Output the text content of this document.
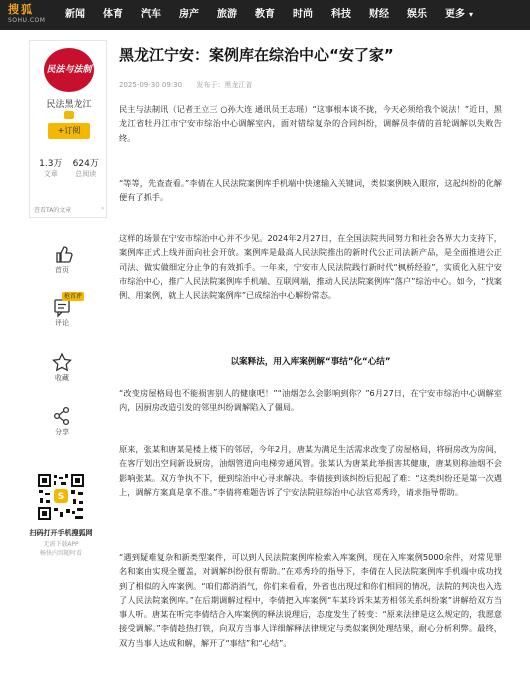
搜狐
SOHU.COM
新闻	体育	汽车	房产	旅游	教育	时尚	科技	财经	娱乐	更多 ▾
民法与法制
民法黑龙江
+订阅
1.3万
文章
624万
总阅读
查看TA的文章	›
首页
抢首评
评论
收藏
分享
S
扫码打开手机搜狐网
无需下载APP
畅快内容随时看
黑龙江宁安：案例库在综治中心“安了家”
2025-09-30 09:30 发布于：黑龙江省

民主与法制讯（记者王立三 ○孙大连 通讯员王志瑶）“这事根本谈不拢，今天必须给我个说法！”近日，黑龙江省牡丹江市宁安市综治中心调解室内，面对错综复杂的合同纠纷，调解员李倩的首轮调解以失败告终。

“等等，先查查看。”李倩在人民法院案例库手机端中快速输入关键词，类似案例映入眼帘，这起纠纷的化解便有了抓手。

这样的场景在宁安市综治中心并不少见。2024年2月27日，在全国法院共同努力和社会各界大力支持下，案例库正式上线并面向社会开放。案例库是最高人民法院推出的新时代公正司法新产品，是全面推进公正司法、做实做细定分止争的有效抓手。一年来，宁安市人民法院践行新时代“枫桥经验”，实质化入驻宁安市综治中心，推广人民法院案例库手机端、互联网端，推动人民法院案例库“落户”综治中心。如今，“找案例、用案例，就上人民法院案例库”已成综治中心解纷常态。

以案释法，用入库案例解“事结”化“心结”

“改变房屋格局也不能损害别人的健康吧！”“油烟怎么会影响到你？”6月27日，在宁安市综治中心调解室内，因厨房改造引发的邻里纠纷调解陷入了僵局。

原来，张某和唐某是楼上楼下的邻居，今年2月，唐某为满足生活需求改变了房屋格局，将厨房改为房间，在客厅划出空间新设厨房，油烟管道向电梯旁通风管。张某认为唐某此举损害其健康，唐某则称油烟不会影响张某。双方争执不下，便到综治中心寻求解决。李倩接到该纠纷后犯起了难：“这类纠纷还是第一次遇上，调解方案真是拿不准。”李倩将难题告诉了宁安法院驻综治中心法官邓秀玲，请求指导帮助。

“遇到疑难复杂和新类型案件，可以到人民法院案例库检索入库案例，现在入库案例5000余件，对常见罪名和案由实现全覆盖，对调解纠纷很有帮助。”在邓秀玲的指导下，李倩在人民法院案例库手机端中成功找到了相似的入库案例。“咱们都消消气，你们来看看，外省也出现过和你们相同的情况，法院的判决也入选了人民法院案例库。”在后期调解过程中，李倩把入库案例“车某玲诉朱某芳相邻关系纠纷案”讲解给双方当事人听。唐某在听完李倩结合入库案例的释法说理后，态度发生了转变：“原来法律是这么规定的，我愿意接受调解。”李倩趁热打铁，向双方当事人详细解释法律规定与类似案例处理结果，耐心分析利弊。最终，双方当事人达成和解，解开了“事结”和“心结”。
